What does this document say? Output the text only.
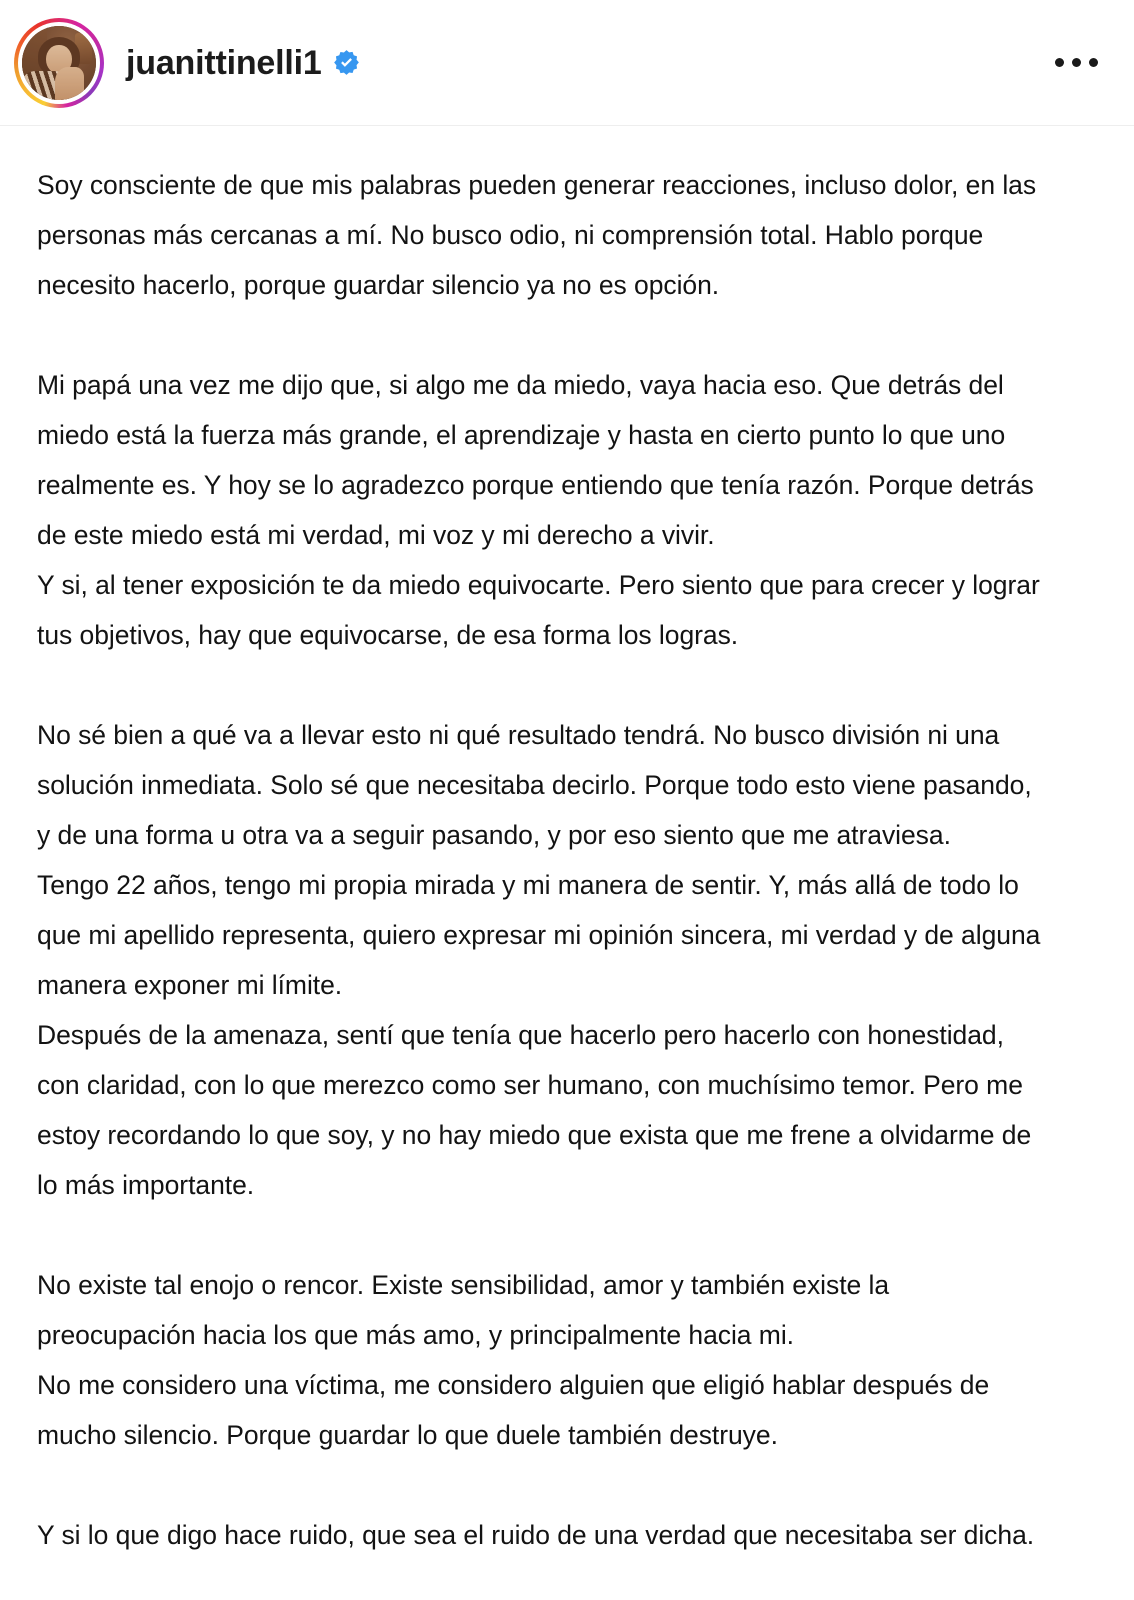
juanittinelli1

Soy consciente de que mis palabras pueden generar reacciones, incluso dolor, en las personas más cercanas a mí. No busco odio, ni comprensión total. Hablo porque necesito hacerlo, porque guardar silencio ya no es opción.

Mi papá una vez me dijo que, si algo me da miedo, vaya hacia eso. Que detrás del miedo está la fuerza más grande, el aprendizaje y hasta en cierto punto lo que uno realmente es. Y hoy se lo agradezco porque entiendo que tenía razón. Porque detrás de este miedo está mi verdad, mi voz y mi derecho a vivir.

Y si, al tener exposición te da miedo equivocarte. Pero siento que para crecer y lograr tus objetivos, hay que equivocarse, de esa forma los logras.

No sé bien a qué va a llevar esto ni qué resultado tendrá. No busco división ni una solución inmediata. Solo sé que necesitaba decirlo. Porque todo esto viene pasando, y de una forma u otra va a seguir pasando, y por eso siento que me atraviesa.

Tengo 22 años, tengo mi propia mirada y mi manera de sentir. Y, más allá de todo lo que mi apellido representa, quiero expresar mi opinión sincera, mi verdad y de alguna manera exponer mi límite.

Después de la amenaza, sentí que tenía que hacerlo pero hacerlo con honestidad, con claridad, con lo que merezco como ser humano, con muchísimo temor. Pero me estoy recordando lo que soy, y no hay miedo que exista que me frene a olvidarme de lo más importante.

No existe tal enojo o rencor. Existe sensibilidad, amor y también existe la preocupación hacia los que más amo, y principalmente hacia mi.

No me considero una víctima, me considero alguien que eligió hablar después de mucho silencio. Porque guardar lo que duele también destruye.

Y si lo que digo hace ruido, que sea el ruido de una verdad que necesitaba ser dicha.
